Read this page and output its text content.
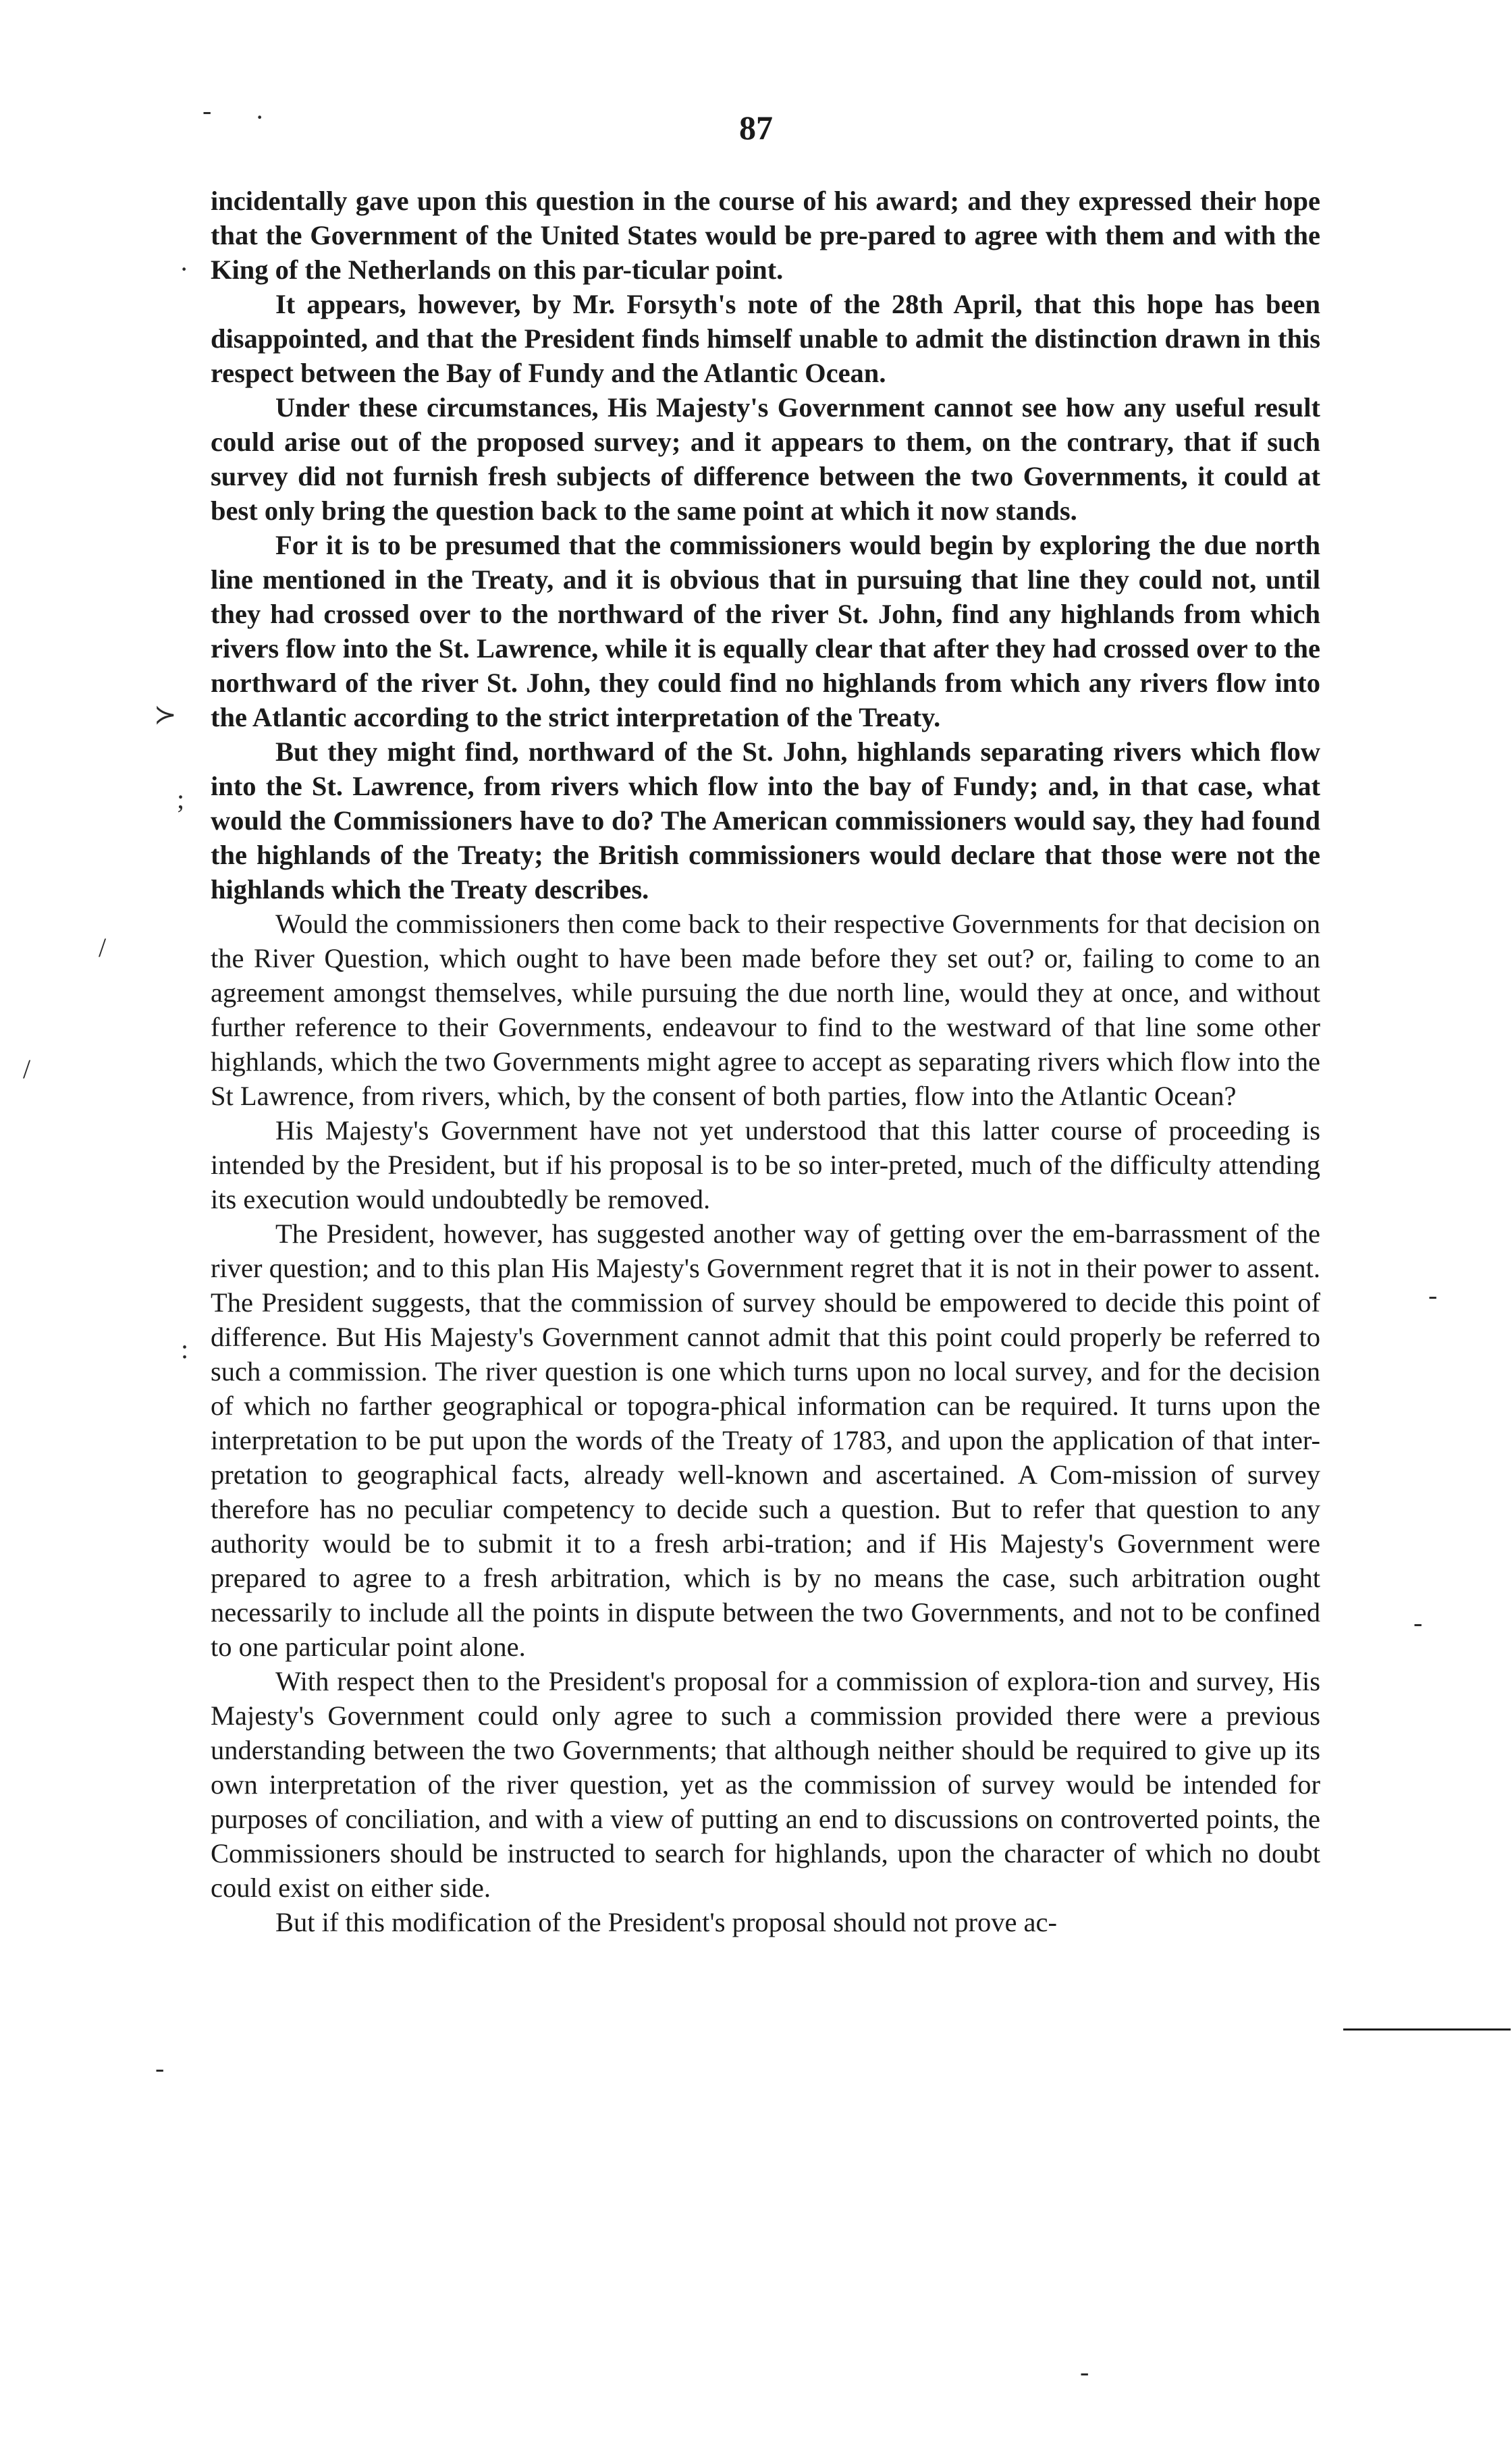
87

incidentally gave upon this question in the course of his award; and they expressed their hope that the Government of the United States would be pre-pared to agree with them and with the King of the Netherlands on this par-ticular point.

It appears, however, by Mr. Forsyth's note of the 28th April, that this hope has been disappointed, and that the President finds himself unable to admit the distinction drawn in this respect between the Bay of Fundy and the Atlantic Ocean.

Under these circumstances, His Majesty's Government cannot see how any useful result could arise out of the proposed survey; and it appears to them, on the contrary, that if such survey did not furnish fresh subjects of difference between the two Governments, it could at best only bring the question back to the same point at which it now stands.

For it is to be presumed that the commissioners would begin by exploring the due north line mentioned in the Treaty, and it is obvious that in pursuing that line they could not, until they had crossed over to the northward of the river St. John, find any highlands from which rivers flow into the St. Lawrence, while it is equally clear that after they had crossed over to the northward of the river St. John, they could find no highlands from which any rivers flow into the Atlantic according to the strict interpretation of the Treaty.

But they might find, northward of the St. John, highlands separating rivers which flow into the St. Lawrence, from rivers which flow into the bay of Fundy; and, in that case, what would the Commissioners have to do? The American commissioners would say, they had found the highlands of the Treaty; the British commissioners would declare that those were not the highlands which the Treaty describes.

Would the commissioners then come back to their respective Governments for that decision on the River Question, which ought to have been made before they set out? or, failing to come to an agreement amongst themselves, while pursuing the due north line, would they at once, and without further reference to their Governments, endeavour to find to the westward of that line some other highlands, which the two Governments might agree to accept as separating rivers which flow into the St Lawrence, from rivers, which, by the consent of both parties, flow into the Atlantic Ocean?

His Majesty's Government have not yet understood that this latter course of proceeding is intended by the President, but if his proposal is to be so inter-preted, much of the difficulty attending its execution would undoubtedly be removed.

The President, however, has suggested another way of getting over the em-barrassment of the river question; and to this plan His Majesty's Government regret that it is not in their power to assent. The President suggests, that the commission of survey should be empowered to decide this point of difference. But His Majesty's Government cannot admit that this point could properly be referred to such a commission. The river question is one which turns upon no local survey, and for the decision of which no farther geographical or topogra-phical information can be required. It turns upon the interpretation to be put upon the words of the Treaty of 1783, and upon the application of that inter-pretation to geographical facts, already well-known and ascertained. A Com-mission of survey therefore has no peculiar competency to decide such a question. But to refer that question to any authority would be to submit it to a fresh arbi-tration; and if His Majesty's Government were prepared to agree to a fresh arbitration, which is by no means the case, such arbitration ought necessarily to include all the points in dispute between the two Governments, and not to be confined to one particular point alone.

With respect then to the President's proposal for a commission of explora-tion and survey, His Majesty's Government could only agree to such a commission provided there were a previous understanding between the two Governments; that although neither should be required to give up its own interpretation of the river question, yet as the commission of survey would be intended for purposes of conciliation, and with a view of putting an end to discussions on controverted points, the Commissioners should be instructed to search for highlands, upon the character of which no doubt could exist on either side.

But if this modification of the President's proposal should not prove ac-

- ·
·
≻
;
/
/
:
-
-
-
-
